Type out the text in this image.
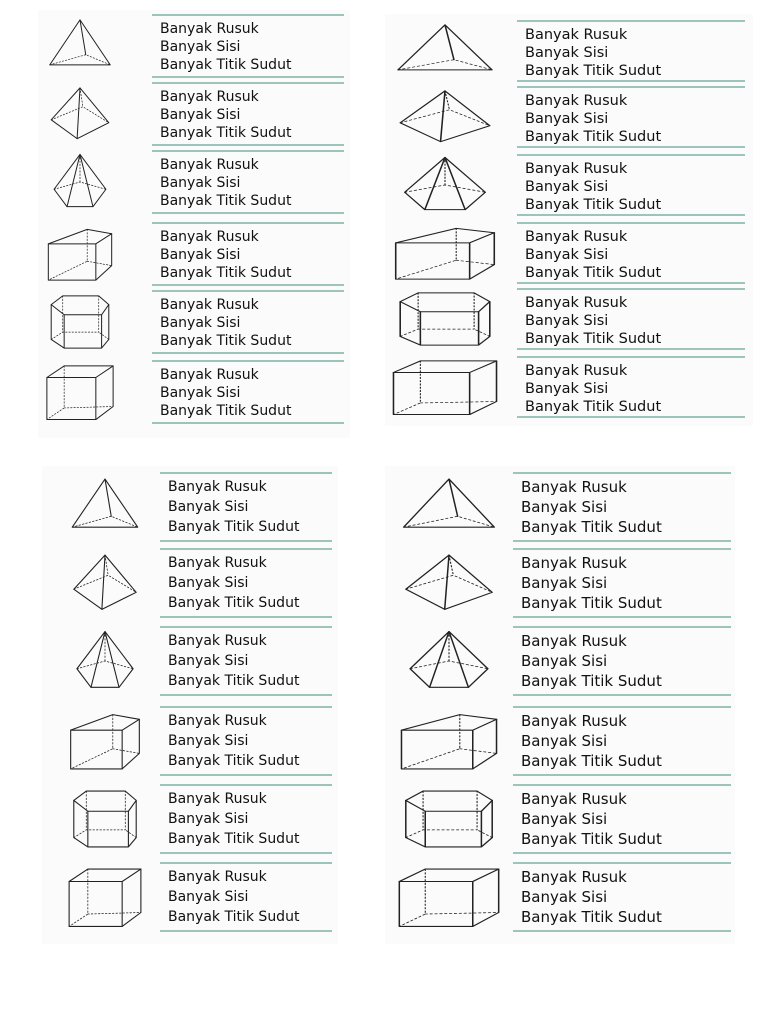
Banyak Rusuk
Banyak Sisi
Banyak Titik Sudut
Banyak Rusuk
Banyak Sisi
Banyak Titik Sudut
Banyak Rusuk
Banyak Sisi
Banyak Titik Sudut
Banyak Rusuk
Banyak Sisi
Banyak Titik Sudut
Banyak Rusuk
Banyak Sisi
Banyak Titik Sudut
Banyak Rusuk
Banyak Sisi
Banyak Titik Sudut
Banyak Rusuk
Banyak Sisi
Banyak Titik Sudut
Banyak Rusuk
Banyak Sisi
Banyak Titik Sudut
Banyak Rusuk
Banyak Sisi
Banyak Titik Sudut
Banyak Rusuk
Banyak Sisi
Banyak Titik Sudut
Banyak Rusuk
Banyak Sisi
Banyak Titik Sudut
Banyak Rusuk
Banyak Sisi
Banyak Titik Sudut
Banyak Rusuk
Banyak Sisi
Banyak Titik Sudut
Banyak Rusuk
Banyak Sisi
Banyak Titik Sudut
Banyak Rusuk
Banyak Sisi
Banyak Titik Sudut
Banyak Rusuk
Banyak Sisi
Banyak Titik Sudut
Banyak Rusuk
Banyak Sisi
Banyak Titik Sudut
Banyak Rusuk
Banyak Sisi
Banyak Titik Sudut
Banyak Rusuk
Banyak Sisi
Banyak Titik Sudut
Banyak Rusuk
Banyak Sisi
Banyak Titik Sudut
Banyak Rusuk
Banyak Sisi
Banyak Titik Sudut
Banyak Rusuk
Banyak Sisi
Banyak Titik Sudut
Banyak Rusuk
Banyak Sisi
Banyak Titik Sudut
Banyak Rusuk
Banyak Sisi
Banyak Titik Sudut
